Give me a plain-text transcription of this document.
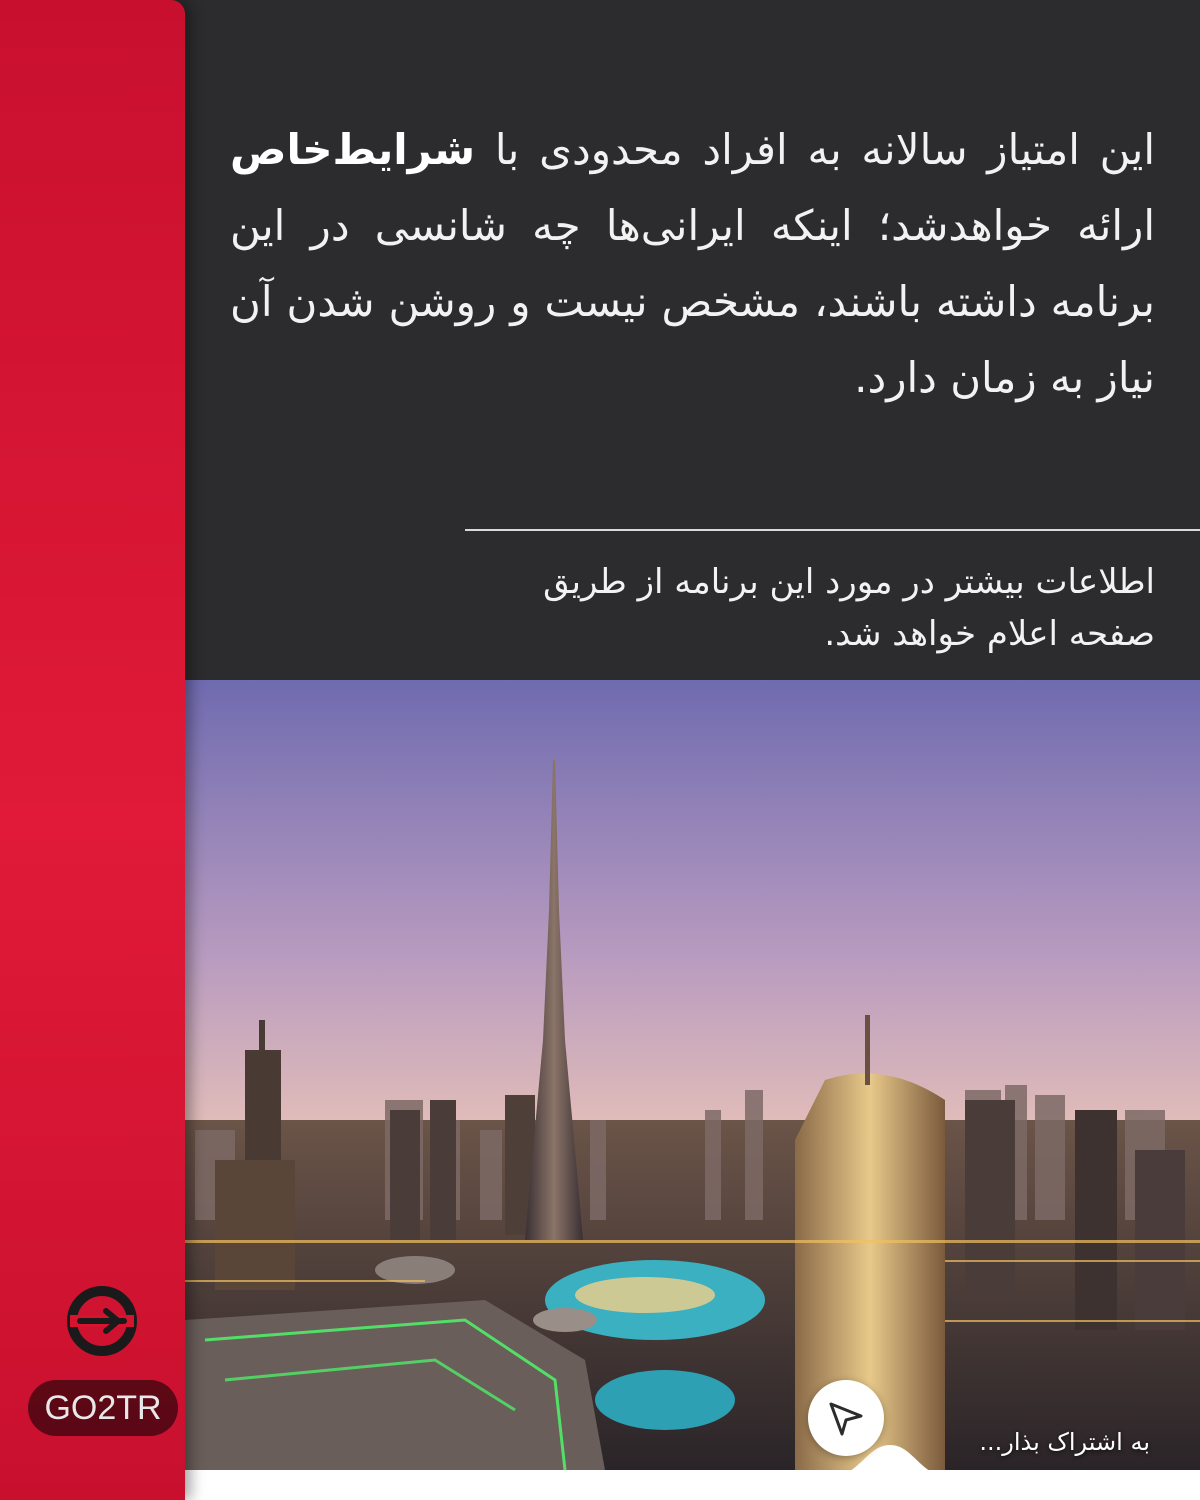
این امتیاز سالانه به افراد محدودی با شرایط‌خاص ارائه خواهدشد؛ اینکه ایرانی‌ها چه شانسی در این برنامه داشته باشند، مشخص نیست و روشن شدن آن نیاز به زمان دارد.

اطلاعات بیشتر در مورد این برنامه از طریق
صفحه اعلام خواهد شد.

GO2TR
به اشتراک بذار...
